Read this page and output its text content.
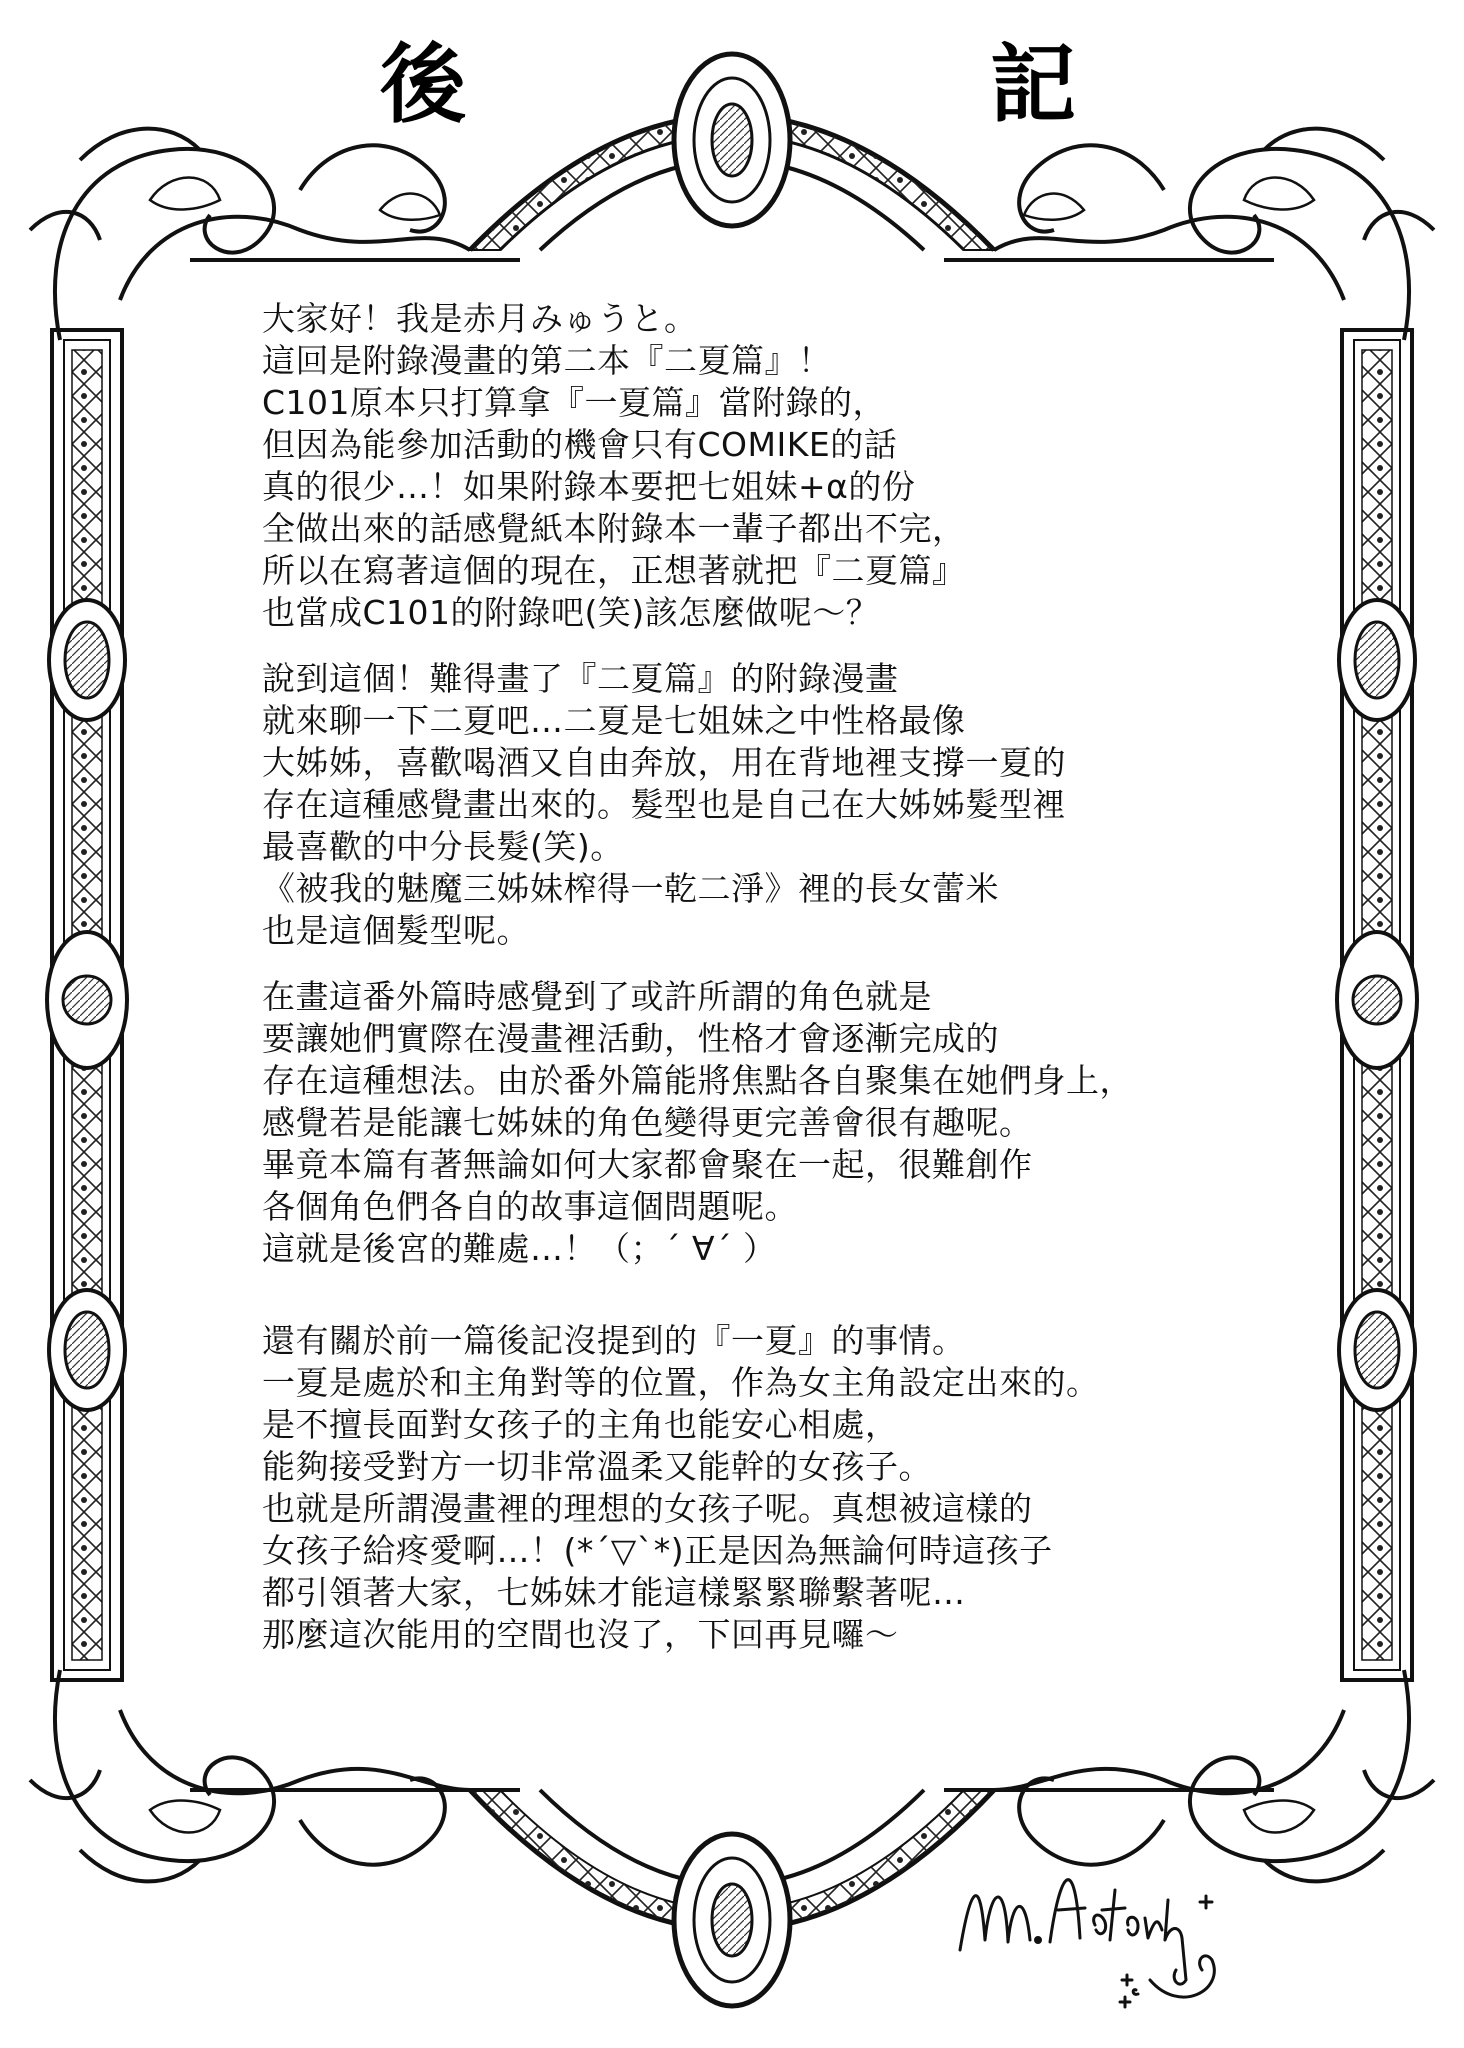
後	記
大家好！我是赤月みゅうと。
這回是附錄漫畫的第二本『二夏篇』！
C101原本只打算拿『一夏篇』當附錄的，
但因為能參加活動的機會只有COMIKE的話
真的很少…！如果附錄本要把七姐妹+α的份
全做出來的話感覺紙本附錄本一輩子都出不完，
所以在寫著這個的現在，正想著就把『二夏篇』
也當成C101的附錄吧(笑)該怎麼做呢～？
說到這個！難得畫了『二夏篇』的附錄漫畫
就來聊一下二夏吧…二夏是七姐妹之中性格最像
大姊姊，喜歡喝酒又自由奔放，用在背地裡支撐一夏的
存在這種感覺畫出來的。髮型也是自己在大姊姊髮型裡
最喜歡的中分長髮(笑)。
《被我的魅魔三姊妹榨得一乾二淨》裡的長女蕾米
也是這個髮型呢。
在畫這番外篇時感覺到了或許所謂的角色就是
要讓她們實際在漫畫裡活動，性格才會逐漸完成的
存在這種想法。由於番外篇能將焦點各自聚集在她們身上，
感覺若是能讓七姊妹的角色變得更完善會很有趣呢。
畢竟本篇有著無論如何大家都會聚在一起，很難創作
各個角色們各自的故事這個問題呢。
這就是後宮的難處…！（；´ ∀´ ）
還有關於前一篇後記沒提到的『一夏』的事情。
一夏是處於和主角對等的位置，作為女主角設定出來的。
是不擅長面對女孩子的主角也能安心相處，
能夠接受對方一切非常溫柔又能幹的女孩子。
也就是所謂漫畫裡的理想的女孩子呢。真想被這樣的
女孩子給疼愛啊…！(*´▽`*)正是因為無論何時這孩子
都引領著大家，七姊妹才能這樣緊緊聯繫著呢…
那麼這次能用的空間也沒了，下回再見囉～
